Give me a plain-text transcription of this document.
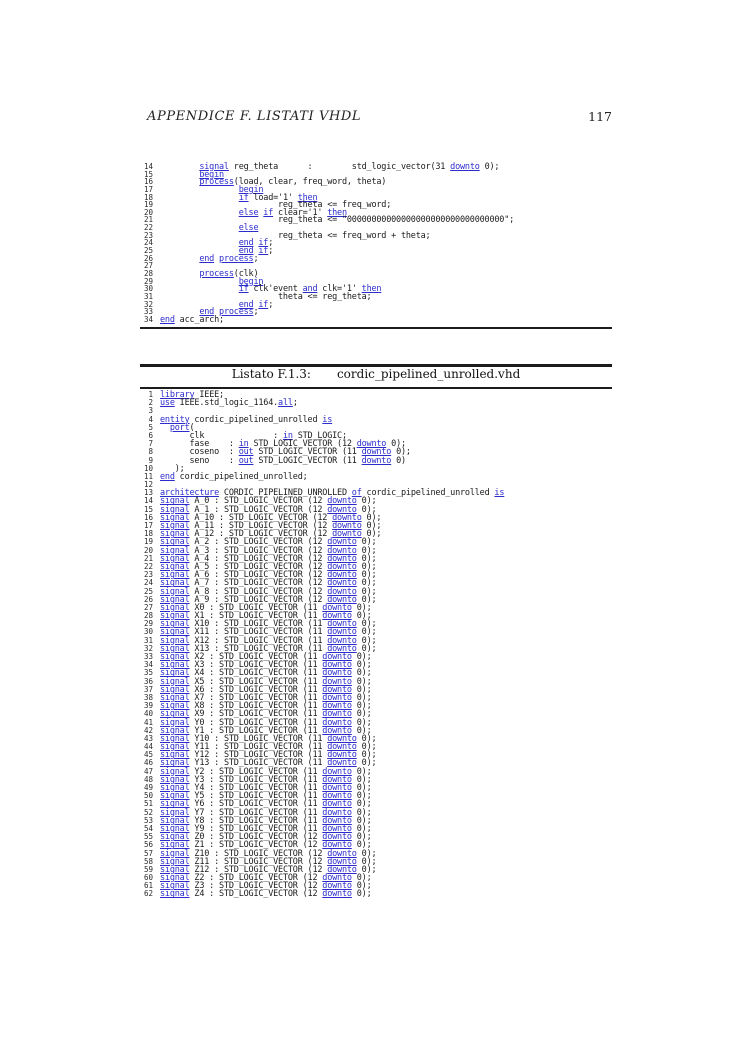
APPENDICE F. LISTATI VHDL	117
14	signal reg_theta      :        std_logic_vector(31 downto 0);
15	begin
16	process(load, clear, freq_word, theta)
17	begin
18	if load='1' then
19 reg_theta <= freq_word;
20	else if clear='1' then
21 reg_theta <= "00000000000000000000000000000000";
22	else
23 reg_theta <= freq_word + theta;
24	end if;
25	end if;
26	end process;
27
28	process(clk)
29	begin
30	if clk'event and clk='1' then
31 theta <= reg_theta;
32	end if;
33	end process;
34 end acc_arch;
Listato F.1.3: cordic_pipelined_unrolled.vhd
1 library IEEE;
2 use IEEE.std_logic_1164.all;
3
4 entity cordic_pipelined_unrolled is
5	port(
6 clk              : in STD_LOGIC;
7 fase    : in STD_LOGIC_VECTOR (12 downto 0);
8 coseno  : out STD_LOGIC_VECTOR (11 downto 0);
9 seno    : out STD_LOGIC_VECTOR (11 downto 0)
10 );
11 end cordic_pipelined_unrolled;
12
13 architecture CORDIC_PIPELINED_UNROLLED of cordic_pipelined_unrolled is
14 signal A_0 : STD_LOGIC_VECTOR (12 downto 0);
15 signal A_1 : STD_LOGIC_VECTOR (12 downto 0);
16 signal A_10 : STD_LOGIC_VECTOR (12 downto 0);
17 signal A_11 : STD_LOGIC_VECTOR (12 downto 0);
18 signal A_12 : STD_LOGIC_VECTOR (12 downto 0);
19 signal A_2 : STD_LOGIC_VECTOR (12 downto 0);
20 signal A_3 : STD_LOGIC_VECTOR (12 downto 0);
21 signal A_4 : STD_LOGIC_VECTOR (12 downto 0);
22 signal A_5 : STD_LOGIC_VECTOR (12 downto 0);
23 signal A_6 : STD_LOGIC_VECTOR (12 downto 0);
24 signal A_7 : STD_LOGIC_VECTOR (12 downto 0);
25 signal A_8 : STD_LOGIC_VECTOR (12 downto 0);
26 signal A_9 : STD_LOGIC_VECTOR (12 downto 0);
27 signal X0 : STD_LOGIC_VECTOR (11 downto 0);
28 signal X1 : STD_LOGIC_VECTOR (11 downto 0);
29 signal X10 : STD_LOGIC_VECTOR (11 downto 0);
30 signal X11 : STD_LOGIC_VECTOR (11 downto 0);
31 signal X12 : STD_LOGIC_VECTOR (11 downto 0);
32 signal X13 : STD_LOGIC_VECTOR (11 downto 0);
33 signal X2 : STD_LOGIC_VECTOR (11 downto 0);
34 signal X3 : STD_LOGIC_VECTOR (11 downto 0);
35 signal X4 : STD_LOGIC_VECTOR (11 downto 0);
36 signal X5 : STD_LOGIC_VECTOR (11 downto 0);
37 signal X6 : STD_LOGIC_VECTOR (11 downto 0);
38 signal X7 : STD_LOGIC_VECTOR (11 downto 0);
39 signal X8 : STD_LOGIC_VECTOR (11 downto 0);
40 signal X9 : STD_LOGIC_VECTOR (11 downto 0);
41 signal Y0 : STD_LOGIC_VECTOR (11 downto 0);
42 signal Y1 : STD_LOGIC_VECTOR (11 downto 0);
43 signal Y10 : STD_LOGIC_VECTOR (11 downto 0);
44 signal Y11 : STD_LOGIC_VECTOR (11 downto 0);
45 signal Y12 : STD_LOGIC_VECTOR (11 downto 0);
46 signal Y13 : STD_LOGIC_VECTOR (11 downto 0);
47 signal Y2 : STD_LOGIC_VECTOR (11 downto 0);
48 signal Y3 : STD_LOGIC_VECTOR (11 downto 0);
49 signal Y4 : STD_LOGIC_VECTOR (11 downto 0);
50 signal Y5 : STD_LOGIC_VECTOR (11 downto 0);
51 signal Y6 : STD_LOGIC_VECTOR (11 downto 0);
52 signal Y7 : STD_LOGIC_VECTOR (11 downto 0);
53 signal Y8 : STD_LOGIC_VECTOR (11 downto 0);
54 signal Y9 : STD_LOGIC_VECTOR (11 downto 0);
55 signal Z0 : STD_LOGIC_VECTOR (12 downto 0);
56 signal Z1 : STD_LOGIC_VECTOR (12 downto 0);
57 signal Z10 : STD_LOGIC_VECTOR (12 downto 0);
58 signal Z11 : STD_LOGIC_VECTOR (12 downto 0);
59 signal Z12 : STD_LOGIC_VECTOR (12 downto 0);
60 signal Z2 : STD_LOGIC_VECTOR (12 downto 0);
61 signal Z3 : STD_LOGIC_VECTOR (12 downto 0);
62 signal Z4 : STD_LOGIC_VECTOR (12 downto 0);
